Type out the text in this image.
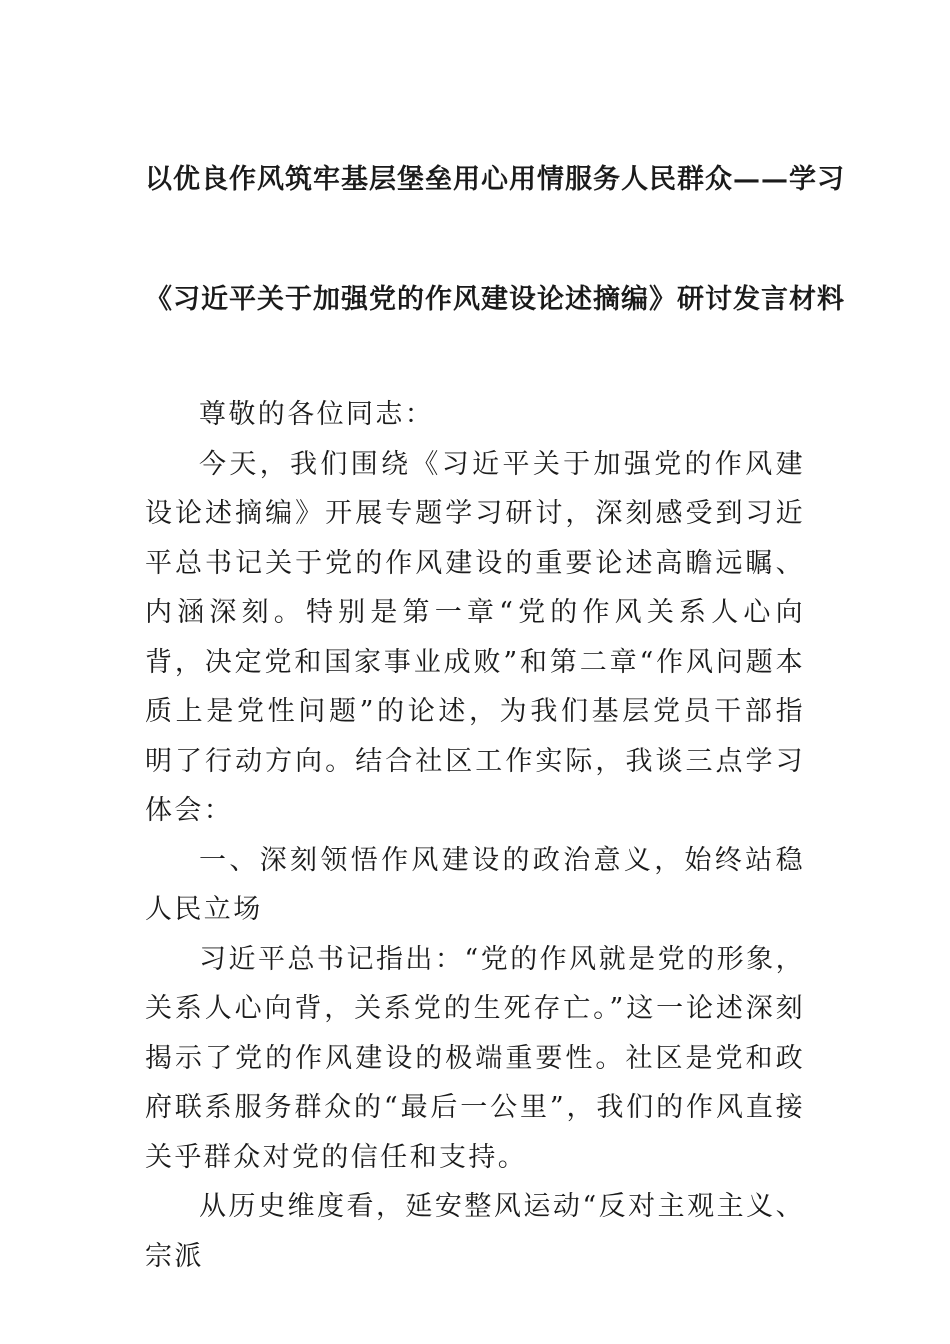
以优良作风筑牢基层堡垒用心用情服务人民群众——学习
《习近平关于加强党的作风建设论述摘编》研讨发言材料

尊敬的各位同志：

今天，我们围绕《习近平关于加强党的作风建设论述摘编》开展专题学习研讨，深刻感受到习近平总书记关于党的作风建设的重要论述高瞻远瞩、内涵深刻。特别是第一章“党的作风关系人心向背，决定党和国家事业成败”和第二章“作风问题本质上是党性问题”的论述，为我们基层党员干部指明了行动方向。结合社区工作实际，我谈三点学习体会：

一、深刻领悟作风建设的政治意义，始终站稳人民立场

习近平总书记指出：“党的作风就是党的形象，关系人心向背，关系党的生死存亡。”这一论述深刻揭示了党的作风建设的极端重要性。社区是党和政府联系服务群众的“最后一公里”，我们的作风直接关乎群众对党的信任和支持。

从历史维度看，延安整风运动“反对主观主义、宗派
